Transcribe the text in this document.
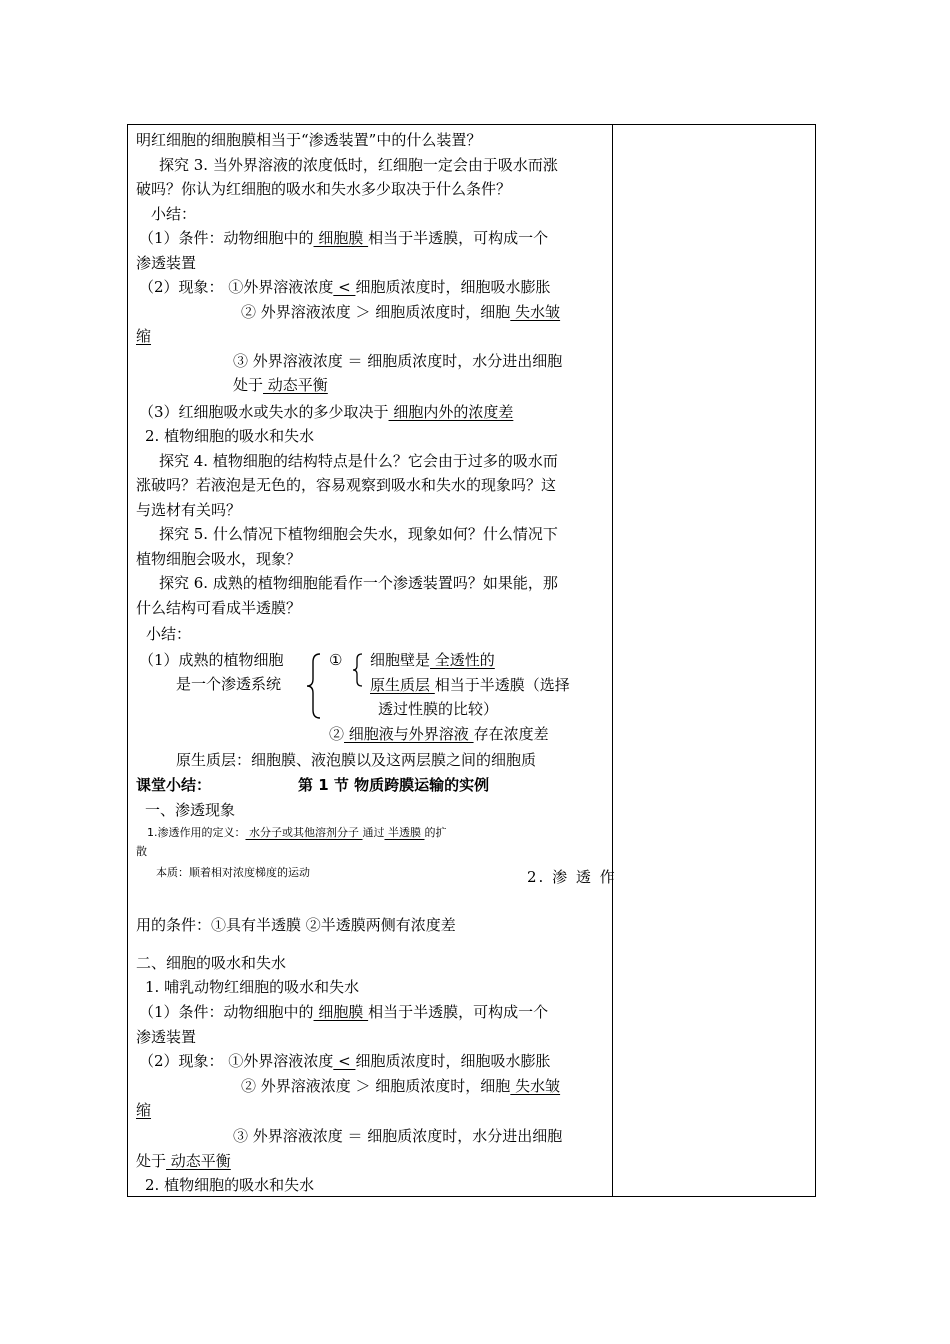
明红细胞的细胞膜相当于“渗透装置”中的什么装置？
探究 3. 当外界溶液的浓度低时，红细胞一定会由于吸水而涨
破吗？你认为红细胞的吸水和失水多少取决于什么条件？
小结：
（1）条件：动物细胞中的 细胞膜 相当于半透膜，可构成一个
渗透装置
（2）现象： ①外界溶液浓度 < 细胞质浓度时，细胞吸水膨胀
② 外界溶液浓度 ＞ 细胞质浓度时，细胞 失水皱
缩
③ 外界溶液浓度 ＝ 细胞质浓度时，水分进出细胞
处于 动态平衡
（3）红细胞吸水或失水的多少取决于 细胞内外的浓度差
2. 植物细胞的吸水和失水
探究 4. 植物细胞的结构特点是什么？它会由于过多的吸水而
涨破吗？若液泡是无色的，容易观察到吸水和失水的现象吗？这
与选材有关吗？
探究 5. 什么情况下植物细胞会失水，现象如何？什么情况下
植物细胞会吸水，现象？
探究 6. 成熟的植物细胞能看作一个渗透装置吗？如果能，那
什么结构可看成半透膜？
小结：
（1）成熟的植物细胞
是一个渗透系统
① 细胞壁是 全透性的
原生质层 相当于半透膜（选择
透过性膜的比较）
② 细胞液与外界溶液 存在浓度差
原生质层：细胞膜、液泡膜以及这两层膜之间的细胞质
课堂小结：	第 1 节 物质跨膜运输的实例
一、渗透现象
1.渗透作用的定义： 水分子或其他溶剂分子 通过 半透膜 的扩
散
本质：顺着相对浓度梯度的运动	2. 渗 透 作
用的条件：①具有半透膜 ②半透膜两侧有浓度差
二、细胞的吸水和失水
1. 哺乳动物红细胞的吸水和失水
（1）条件：动物细胞中的 细胞膜 相当于半透膜，可构成一个
渗透装置
（2）现象： ①外界溶液浓度 < 细胞质浓度时，细胞吸水膨胀
② 外界溶液浓度 ＞ 细胞质浓度时，细胞 失水皱
缩
③ 外界溶液浓度 ＝ 细胞质浓度时，水分进出细胞
处于 动态平衡
2. 植物细胞的吸水和失水
